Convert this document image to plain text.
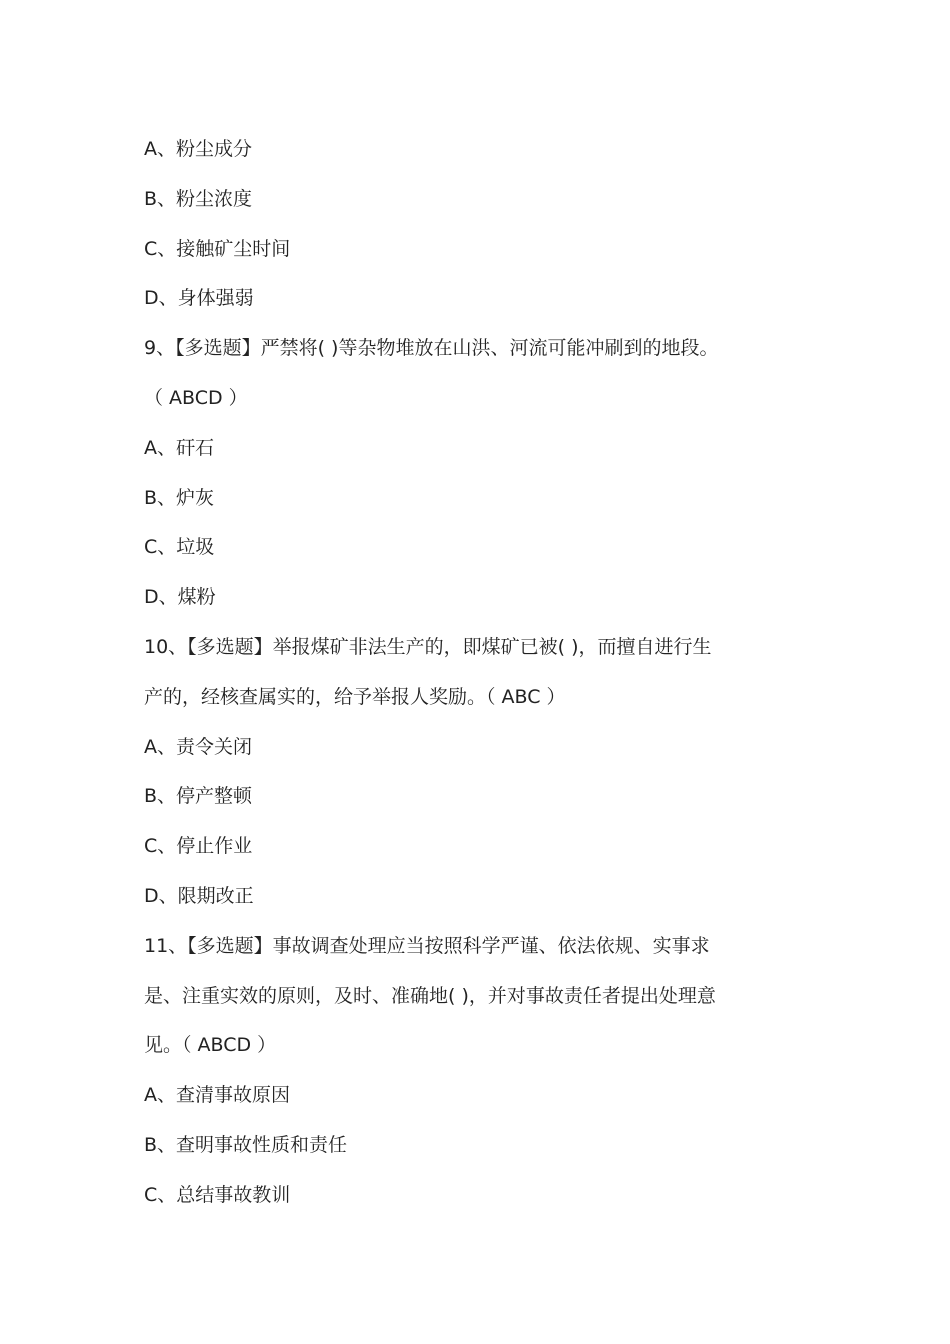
A、粉尘成分
B、粉尘浓度
C、接触矿尘时间
D、身体强弱
9、【多选题】严禁将( )等杂物堆放在山洪、河流可能冲刷到的地段。
（ ABCD ）
A、矸石
B、炉灰
C、垃圾
D、煤粉
10、【多选题】举报煤矿非法生产的，即煤矿已被( )，而擅自进行生
产的，经核查属实的，给予举报人奖励。（ ABC ）
A、责令关闭
B、停产整顿
C、停止作业
D、限期改正
11、【多选题】事故调查处理应当按照科学严谨、依法依规、实事求
是、注重实效的原则，及时、准确地( )，并对事故责任者提出处理意
见。（ ABCD ）
A、查清事故原因
B、查明事故性质和责任
C、总结事故教训
